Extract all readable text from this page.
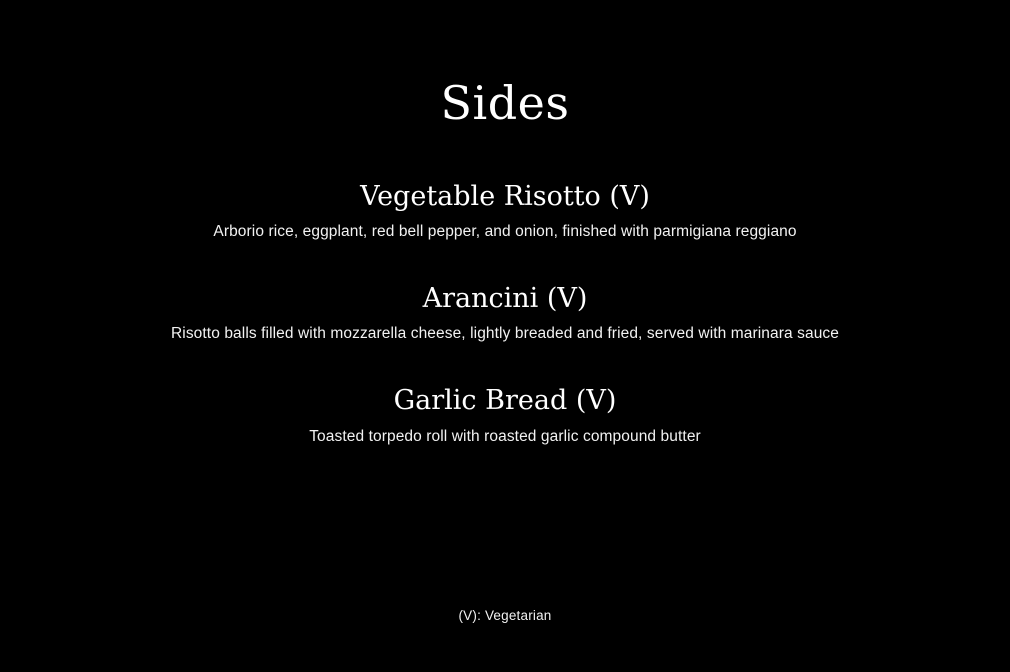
Sides
Vegetable Risotto (V)
Arborio rice, eggplant, red bell pepper, and onion, finished with parmigiana reggiano
Arancini (V)
Risotto balls filled with mozzarella cheese, lightly breaded and fried, served with marinara sauce
Garlic Bread (V)
Toasted torpedo roll with roasted garlic compound butter
(V): Vegetarian
